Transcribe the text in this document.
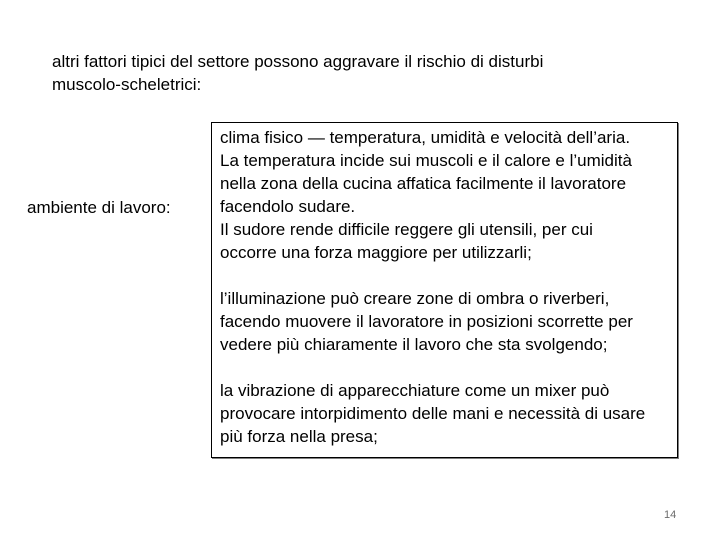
altri fattori tipici del settore possono aggravare il rischio di disturbi
muscolo-scheletrici:
ambiente di lavoro:
clima fisico — temperatura, umidità e velocità dell’aria.
La temperatura incide sui muscoli e il calore e l’umidità
nella zona della cucina affatica facilmente il lavoratore
facendolo sudare.
Il sudore rende difficile reggere gli utensili, per cui
occorre una forza maggiore per utilizzarli;
l’illuminazione può creare zone di ombra o riverberi,
facendo muovere il lavoratore in posizioni scorrette per
vedere più chiaramente il lavoro che sta svolgendo;
la vibrazione di apparecchiature come un mixer può
provocare intorpidimento delle mani e necessità di usare
più forza nella presa;
14
